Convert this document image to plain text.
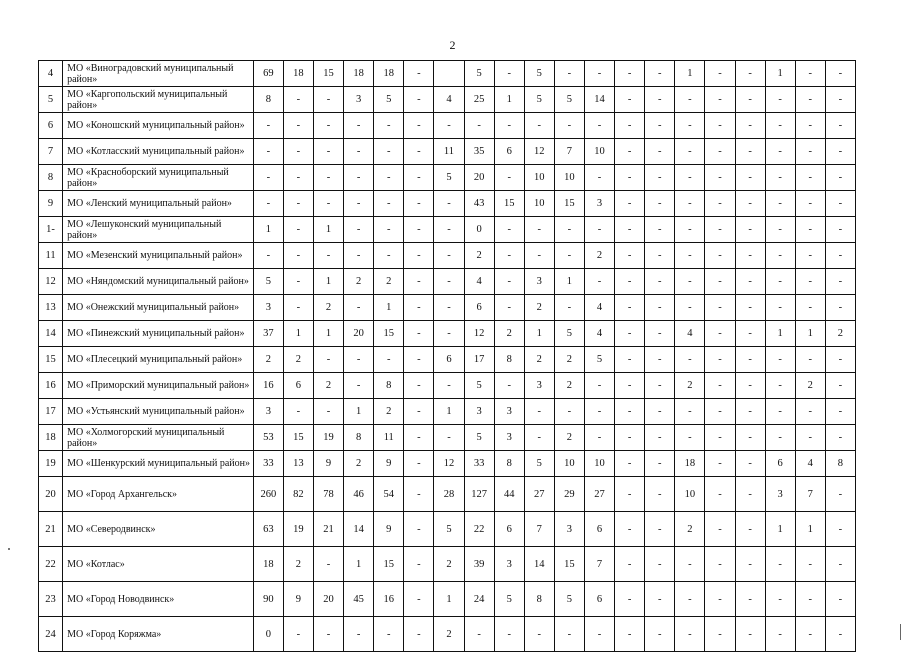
2
4	МО «Виноградовский муниципальный район»	69	18	15	18	18	-		5	-	5	-	-	-	-	1	-	-	1	-	-
5	МО «Каргопольский муниципальный район»	8	-	-	3	5	-	4	25	1	5	5	14	-	-	-	-	-	-	-	-
6	МО «Коношский муниципальный район»	-	-	-	-	-	-	-	-	-	-	-	-	-	-	-	-	-	-	-	-
7	МО «Котласский муниципальный район»	-	-	-	-	-	-	11	35	6	12	7	10	-	-	-	-	-	-	-	-
8	МО «Красноборский муниципальный район»	-	-	-	-	-	-	5	20	-	10	10	-	-	-	-	-	-	-	-	-
9	МО «Ленский муниципальный район»	-	-	-	-	-	-	-	43	15	10	15	3	-	-	-	-	-	-	-	-
1-	МО «Лешуконский муниципальный район»	1	-	1	-	-	-	-	0	-	-	-	-	-	-	-	-	-	-	-	-
11	МО «Мезенский муниципальный район»	-	-	-	-	-	-	-	2	-	-	-	2	-	-	-	-	-	-	-	-
12	МО «Няндомский муниципальный район»	5	-	1	2	2	-	-	4	-	3	1	-	-	-	-	-	-	-	-	-
13	МО «Онежский муниципальный район»	3	-	2	-	1	-	-	6	-	2	-	4	-	-	-	-	-	-	-	-
14	МО «Пинежский муниципальный район»	37	1	1	20	15	-	-	12	2	1	5	4	-	-	4	-	-	1	1	2
15	МО «Плесецкий муниципальный район»	2	2	-	-	-	-	6	17	8	2	2	5	-	-	-	-	-	-	-	-
16	МО «Приморский муниципальный район»	16	6	2	-	8	-	-	5	-	3	2	-	-	-	2	-	-	-	2	-
17	МО «Устьянский муниципальный район»	3	-	-	1	2	-	1	3	3	-	-	-	-	-	-	-	-	-	-	-
18	МО «Холмогорский муниципальный район»	53	15	19	8	11	-	-	5	3	-	2	-	-	-	-	-	-	-	-	-
19	МО «Шенкурский муниципальный район»	33	13	9	2	9	-	12	33	8	5	10	10	-	-	18	-	-	6	4	8
20	МО «Город Архангельск»	260	82	78	46	54	-	28	127	44	27	29	27	-	-	10	-	-	3	7	-
21	МО «Северодвинск»	63	19	21	14	9	-	5	22	6	7	3	6	-	-	2	-	-	1	1	-
22	МО «Котлас»	18	2	-	1	15	-	2	39	3	14	15	7	-	-	-	-	-	-	-	-
23	МО «Город Новодвинск»	90	9	20	45	16	-	1	24	5	8	5	6	-	-	-	-	-	-	-	-
24	МО «Город Коряжма»	0	-	-	-	-	-	2	-	-	-	-	-	-	-	-	-	-	-	-	-
